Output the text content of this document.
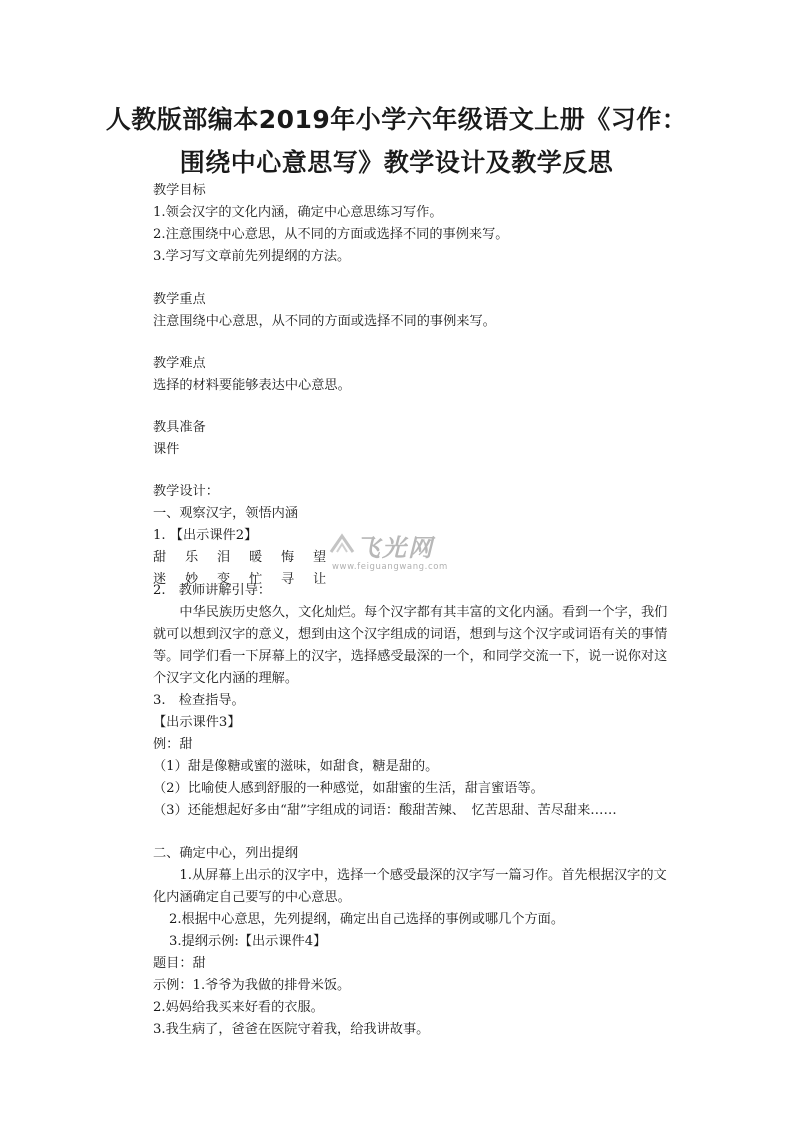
人教版部编本2019年小学六年级语文上册《习作：
围绕中心意思写》教学设计及教学反思

教学目标

1.领会汉字的文化内涵，确定中心意思练习写作。

2.注意围绕中心意思，从不同的方面或选择不同的事例来写。

3.学习写文章前先列提纲的方法。

教学重点

注意围绕中心意思，从不同的方面或选择不同的事例来写。

教学难点

选择的材料要能够表达中心意思。

教具准备

课件

教学设计：

一、观察汉字，领悟内涵

1. 【出示课件2】

甜 乐 泪 暖 悔 望
迷 妙 变 忙 寻 让
飞光网
www.feiguangwang.com

2.　教师讲解引导：

中华民族历史悠久，文化灿烂。每个汉字都有其丰富的文化内涵。看到一个字，我们就可以想到汉字的意义，想到由这个汉字组成的词语，想到与这个汉字或词语有关的事情等。同学们看一下屏幕上的汉字，选择感受最深的一个，和同学交流一下，说一说你对这个汉字文化内涵的理解。

3.　检查指导。

【出示课件3】

例：甜

（1）甜是像糖或蜜的滋味，如甜食，糖是甜的。

（2）比喻使人感到舒服的一种感觉，如甜蜜的生活，甜言蜜语等。

（3）还能想起好多由“甜”字组成的词语：酸甜苦辣、　忆苦思甜、苦尽甜来……

二、确定中心，列出提纲

1.从屏幕上出示的汉字中，选择一个感受最深的汉字写一篇习作。首先根据汉字的文化内涵确定自己要写的中心意思。

2.根据中心意思，先列提纲，确定出自己选择的事例或哪几个方面。

3.提纲示例:【出示课件4】

题目：甜

示例：1.爷爷为我做的排骨米饭。

2.妈妈给我买来好看的衣服。

3.我生病了，爸爸在医院守着我，给我讲故事。
